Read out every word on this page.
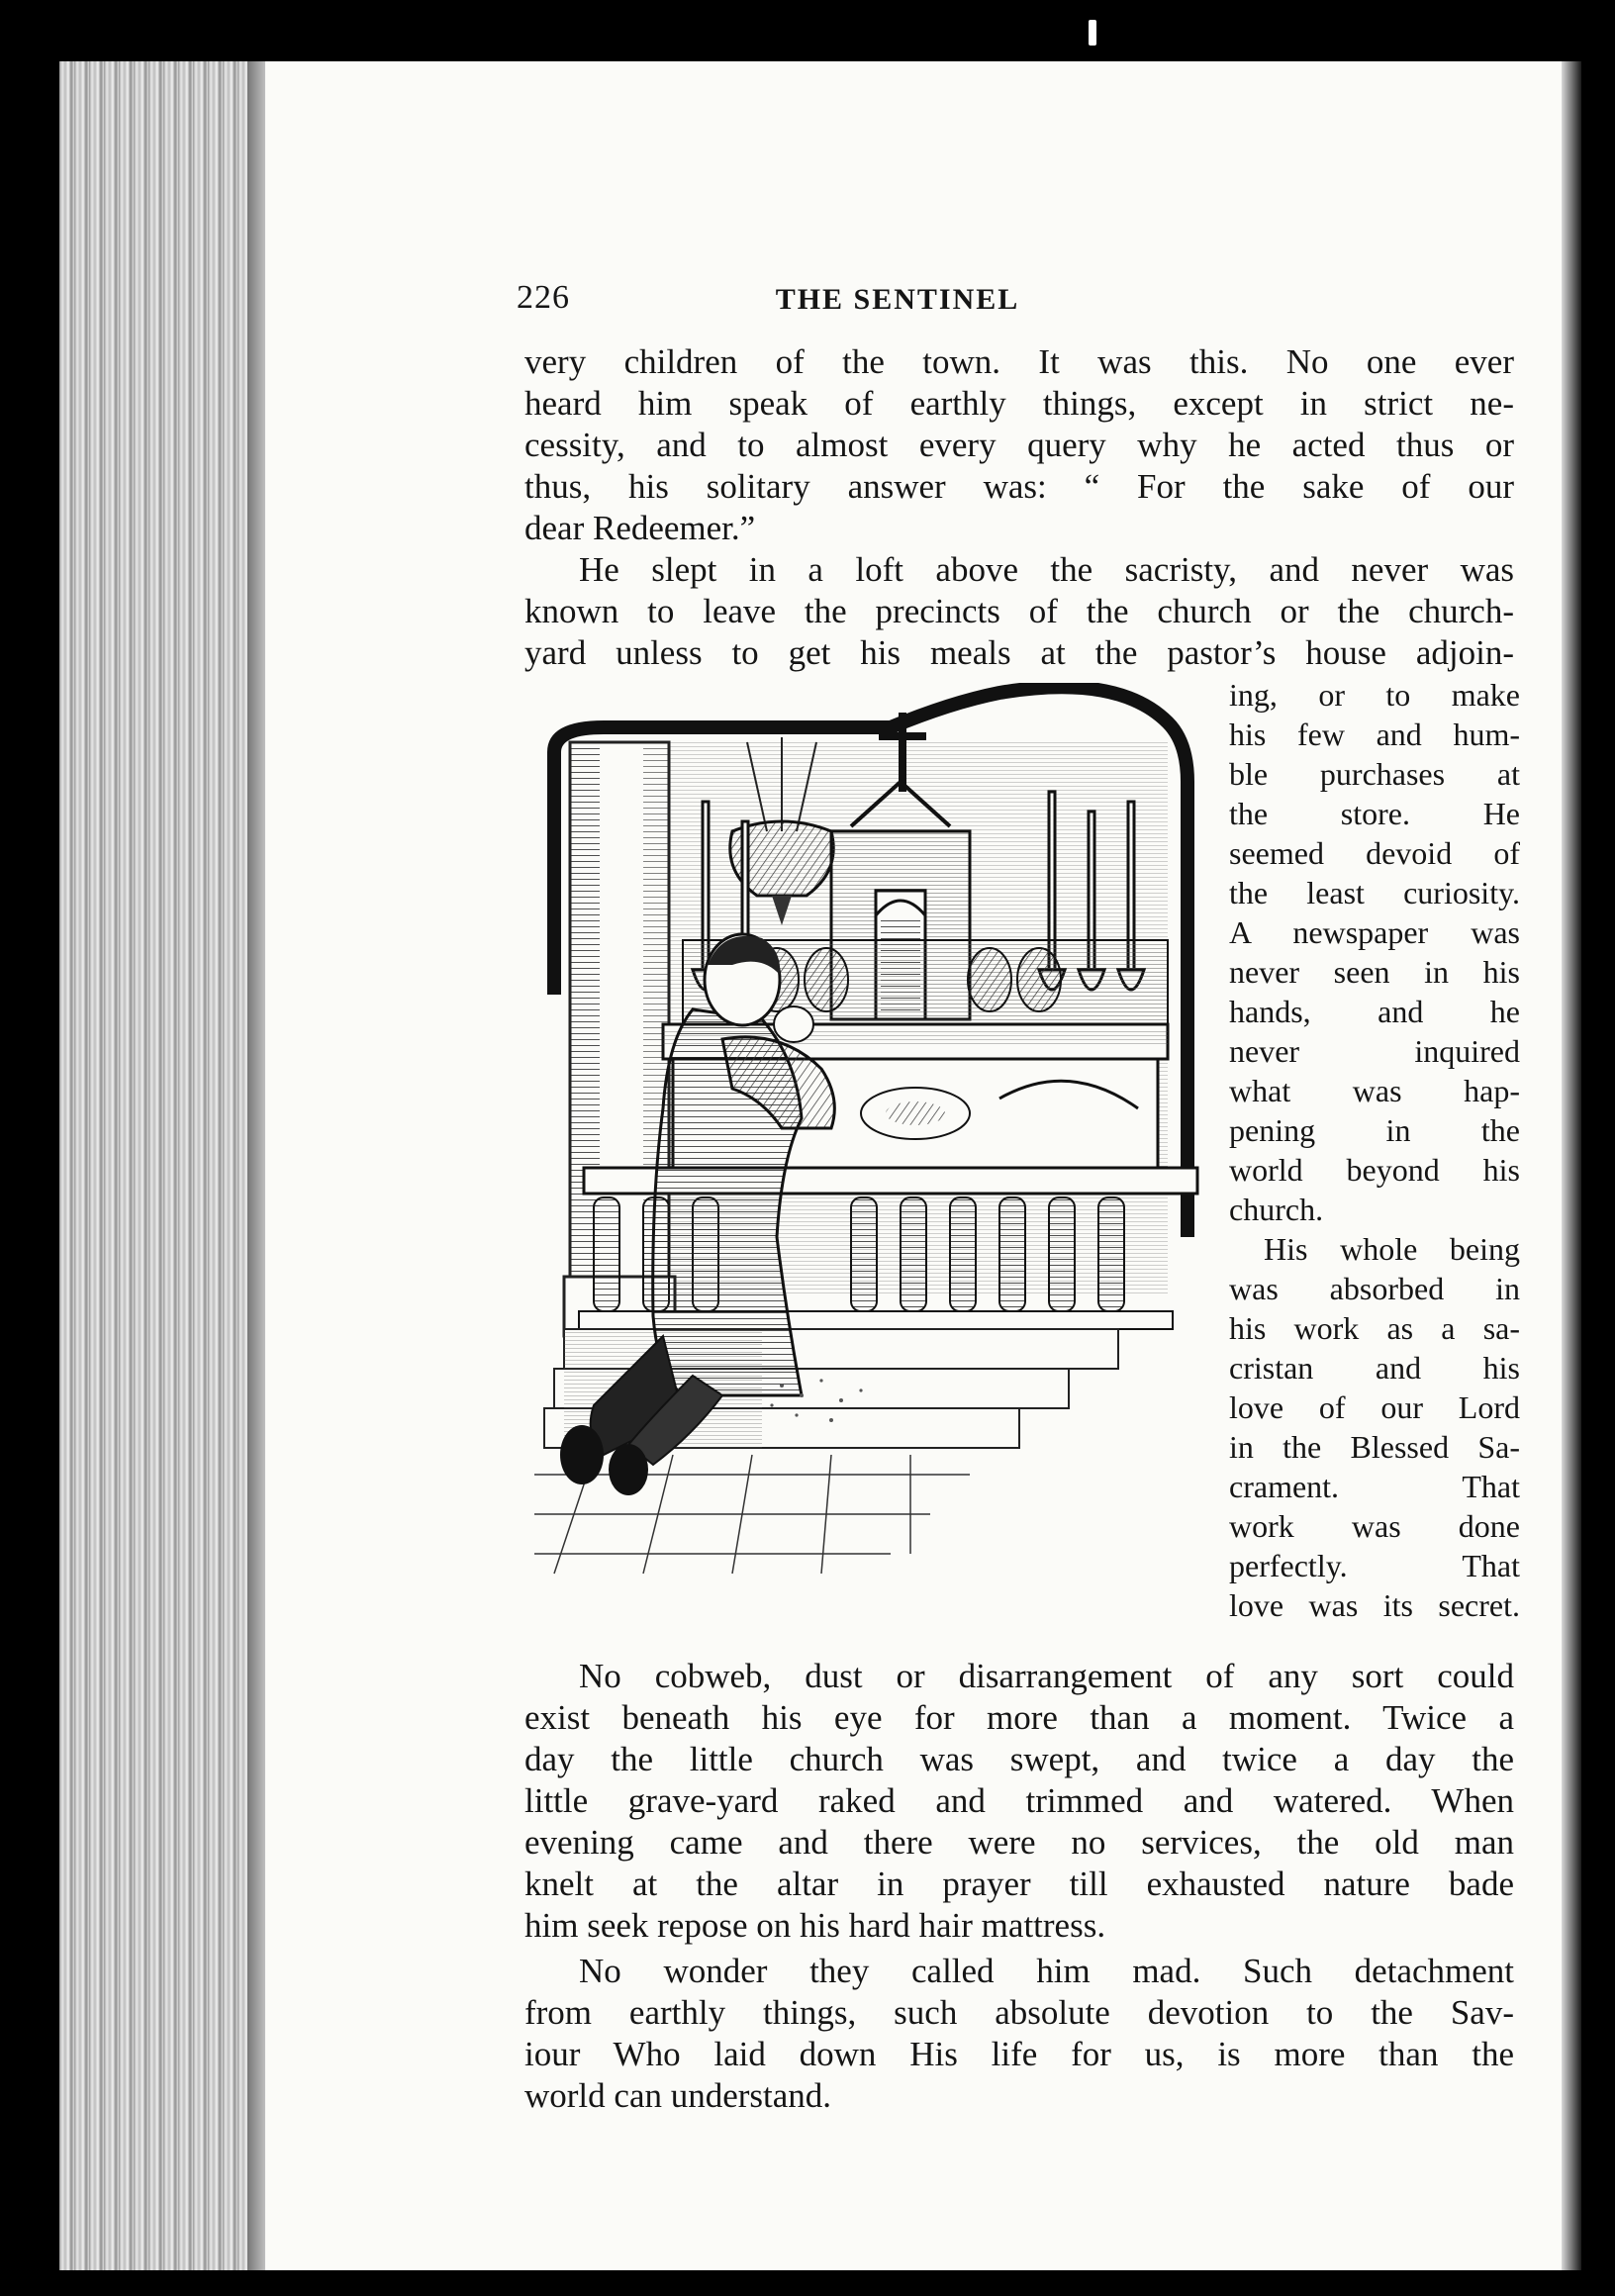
226	THE SENTINEL
very children of the town. It was this. No one ever
heard him speak of earthly things, except in strict ne-
cessity, and to almost every query why he acted thus or
thus, his solitary answer was: “ For the sake of our
dear Redeemer.”
He slept in a loft above the sacristy, and never was
known to leave the precincts of the church or the church-
yard unless to get his meals at the pastor’s house adjoin-
ing, or to make
his few and hum-
ble purchases at
the store. He
seemed devoid of
the least curiosity.
A newspaper was
never seen in his
hands, and he
never inquired
what was hap-
pening in the
world beyond his
church.
His whole being
was absorbed in
his work as a sa-
cristan and his
love of our Lord
in the Blessed Sa-
crament. That
work was done
perfectly. That
love was its secret.
No cobweb, dust or disarrangement of any sort could
exist beneath his eye for more than a moment. Twice a
day the little church was swept, and twice a day the
little grave-yard raked and trimmed and watered. When
evening came and there were no services, the old man
knelt at the altar in prayer till exhausted nature bade
him seek repose on his hard hair mattress.
No wonder they called him mad. Such detachment
from earthly things, such absolute devotion to the Sav-
iour Who laid down His life for us, is more than the
world can understand.
